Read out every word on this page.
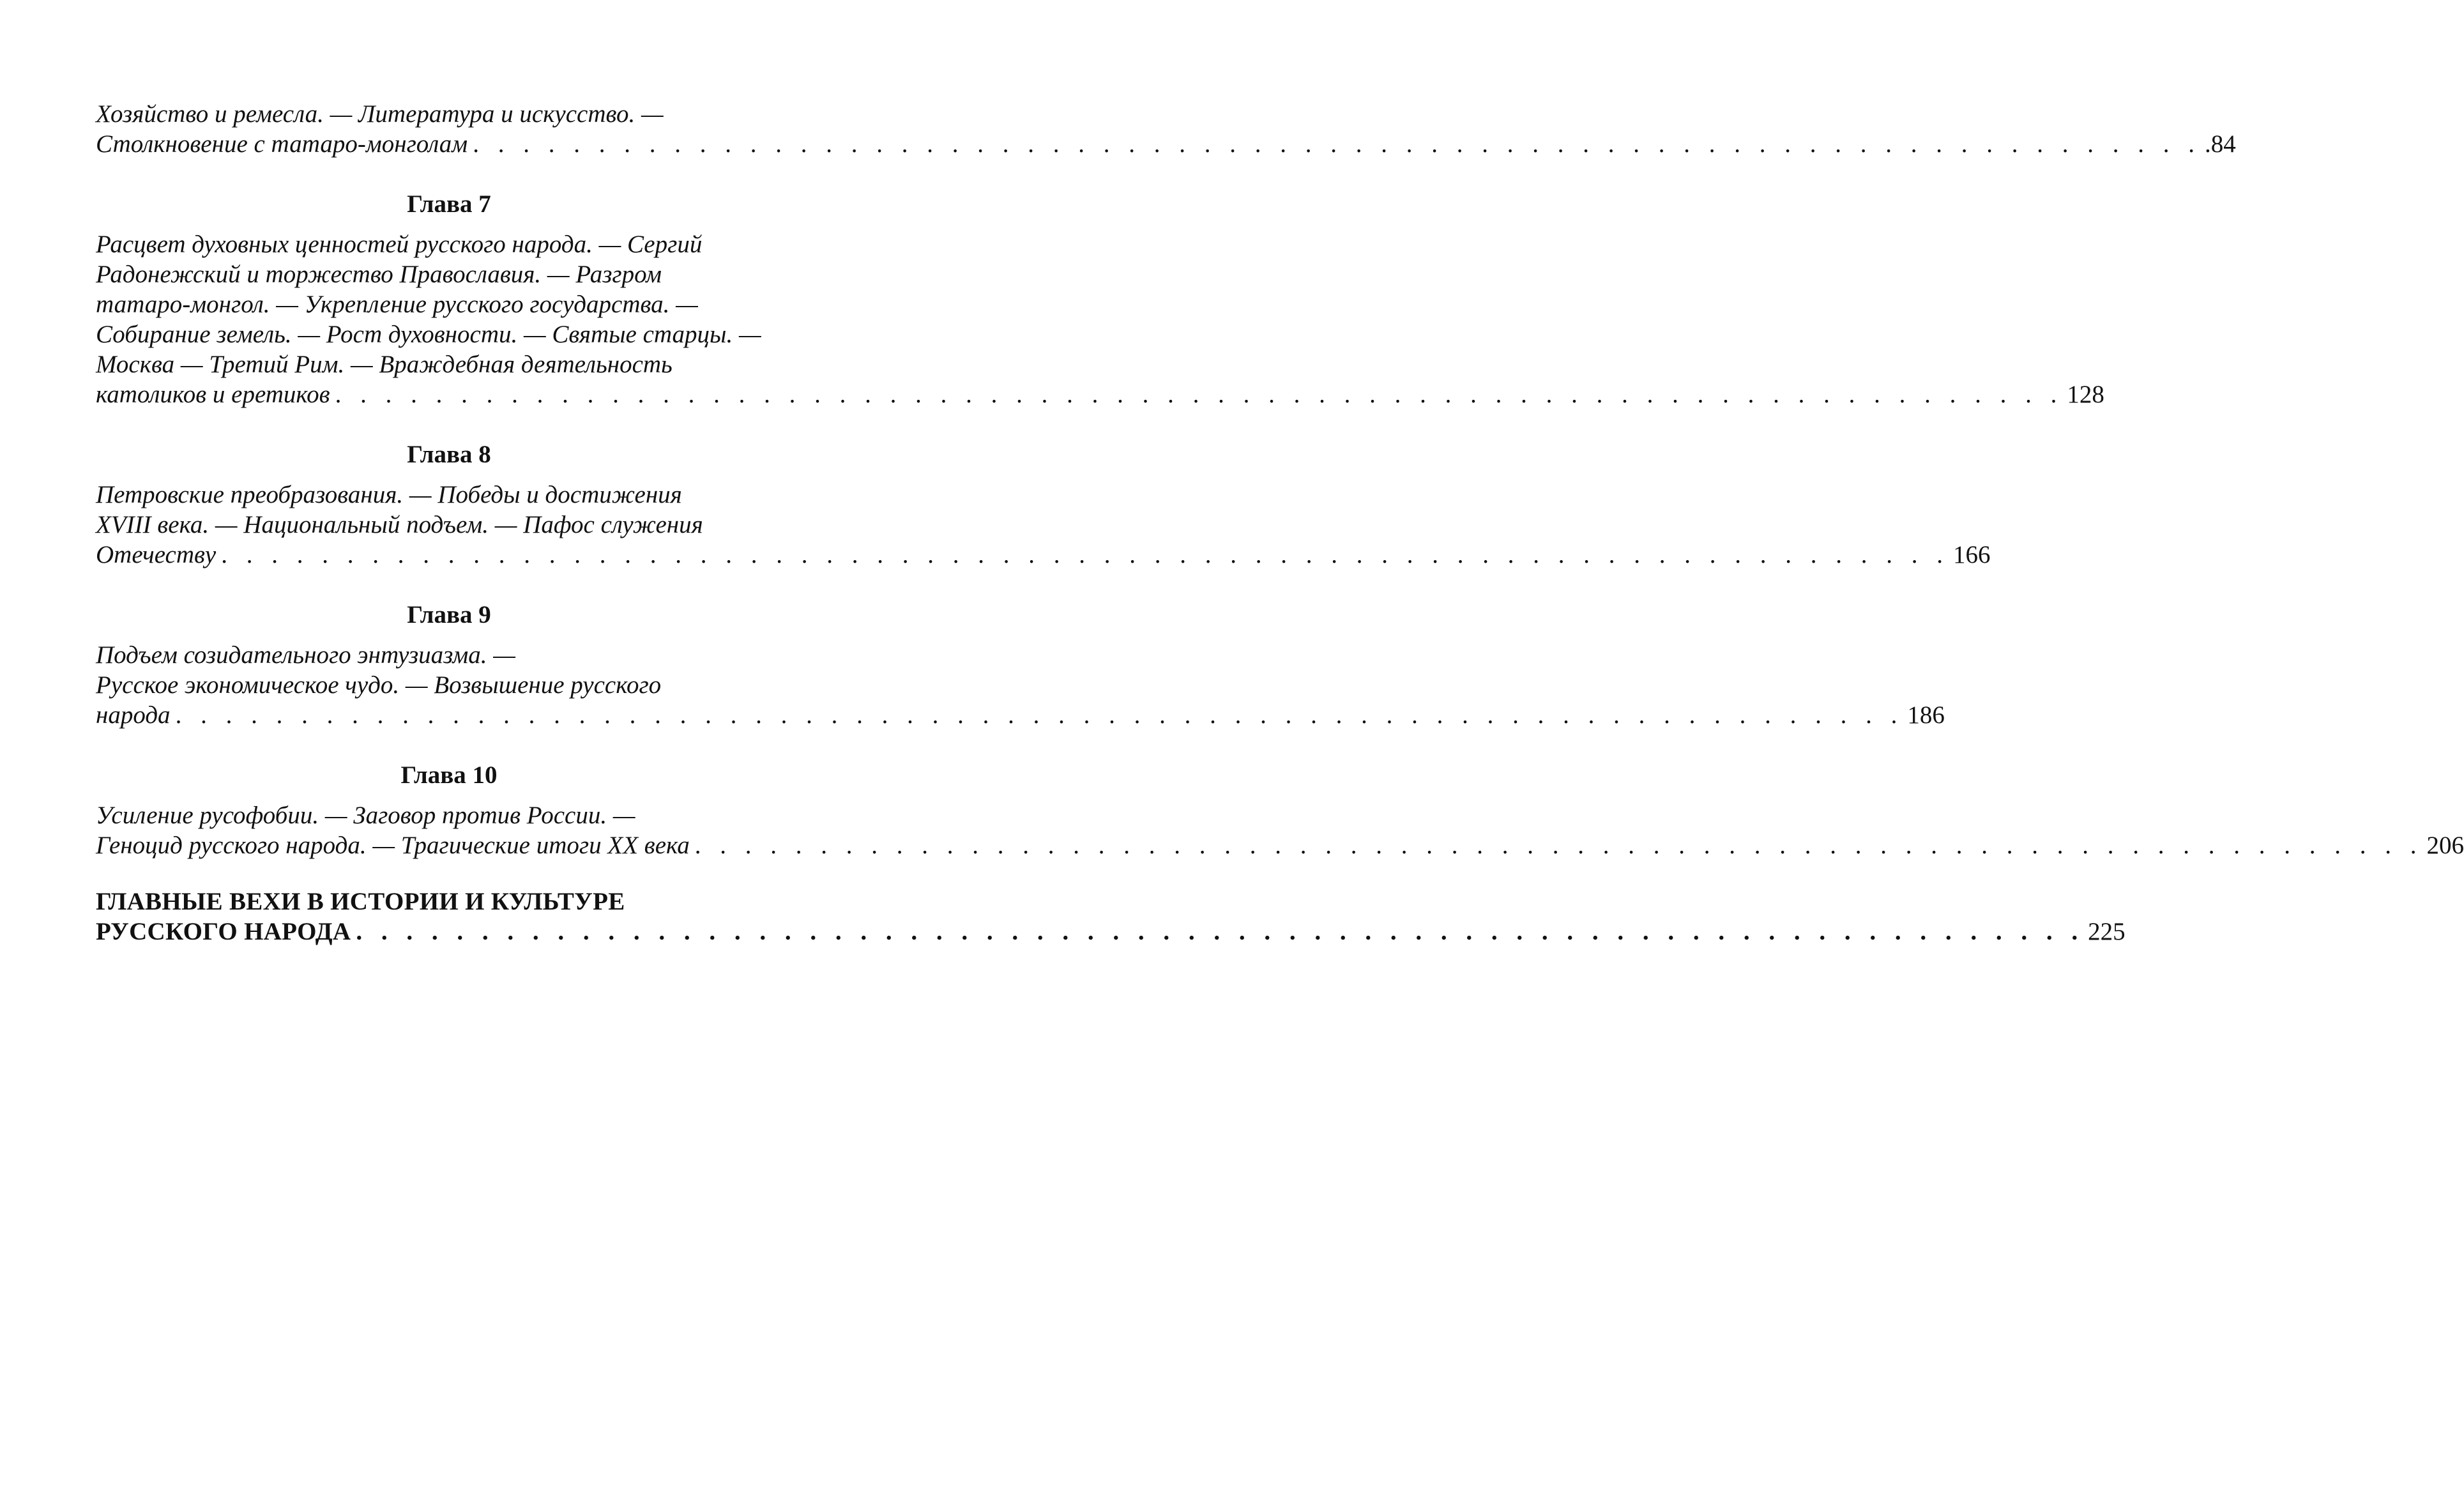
Хозяйство и ремесла. — Литература и искусство. —
Столкновение с татаро-монголам . . . . . . . . . . . . . . . . . . . . . . . . . . . . . . . . . . . . . . . . . . . . . . . . . . . . . . . . . . . . . . . . . . . . . .84
Глава 7
Расцвет духовных ценностей русского народа. — Сергий
Радонежский и торжество Православия. — Разгром
татаро-монгол. — Укрепление русского государства. —
Собирание земель. — Рост духовности. — Святые старцы. —
Москва — Третий Рим. — Враждебная деятельность
католиков и еретиков . . . . . . . . . . . . . . . . . . . . . . . . . . . . . . . . . . . . . . . . . . . . . . . . . . . . . . . . . . . . . . . . . . . . . 128
Глава 8
Петровские преобразования. — Победы и достижения
XVIII века. — Национальный подъем. — Пафос служения
Отечеству . . . . . . . . . . . . . . . . . . . . . . . . . . . . . . . . . . . . . . . . . . . . . . . . . . . . . . . . . . . . . . . . . . . . . 166
Глава 9
Подъем созидательного энтузиазма. —
Русское экономическое чудо. — Возвышение русского
народа . . . . . . . . . . . . . . . . . . . . . . . . . . . . . . . . . . . . . . . . . . . . . . . . . . . . . . . . . . . . . . . . . . . . . 186
Глава 10
Усиление русофобии. — Заговор против России. —
Геноцид русского народа. — Трагические итоги XX века . . . . . . . . . . . . . . . . . . . . . . . . . . . . . . . . . . . . . . . . . . . . . . . . . . . . . . . . . . . . . . . . . . . . . 206
ГЛАВНЫЕ ВЕХИ В ИСТОРИИ И КУЛЬТУРЕ
РУССКОГО НАРОДА . . . . . . . . . . . . . . . . . . . . . . . . . . . . . . . . . . . . . . . . . . . . . . . . . . . . . . . . . . . . . . . . . . . . . 225
